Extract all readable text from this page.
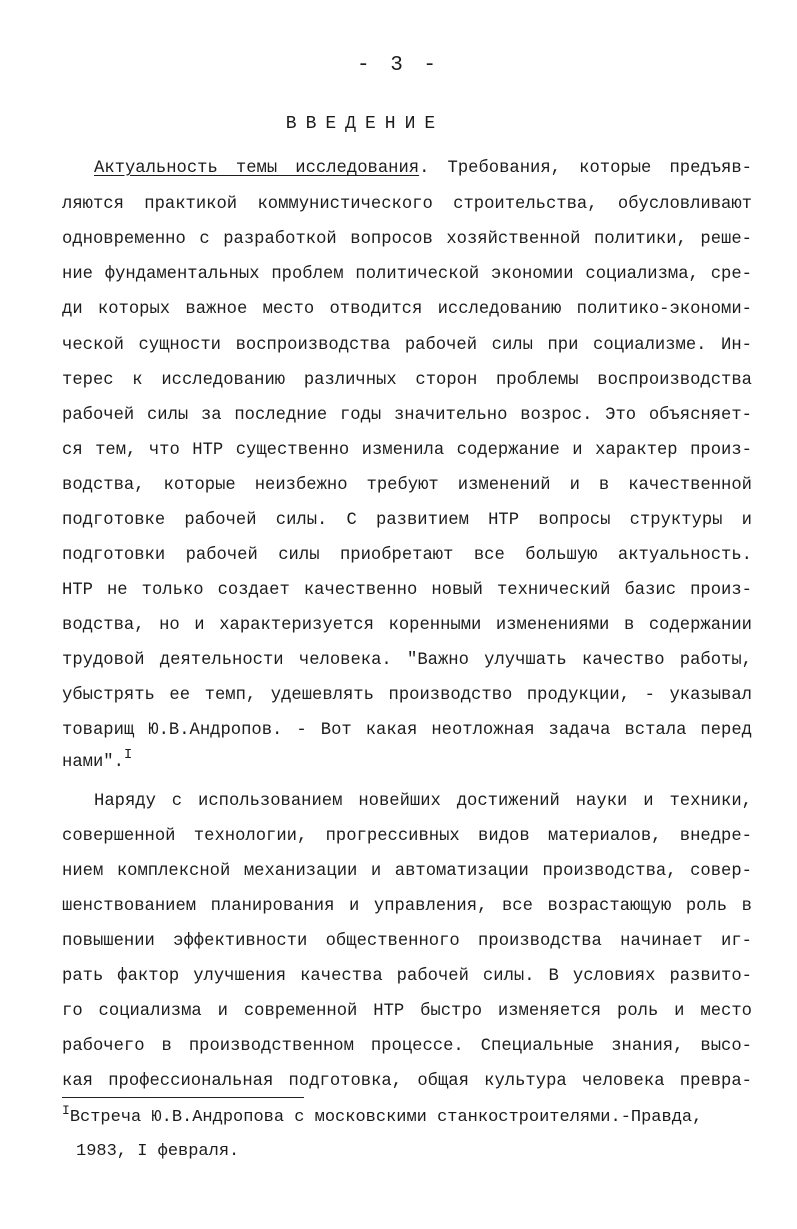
- 3 -
ВВЕДЕНИЕ
Актуальность темы исследования. Требования, которые предъяв-
ляются практикой коммунистического строительства, обусловливают
одновременно с разработкой вопросов хозяйственной политики, реше-
ние фундаментальных проблем политической экономии социализма, сре-
ди которых важное место отводится исследованию политико-экономи-
ческой сущности воспроизводства рабочей силы при социализме. Ин-
терес к исследованию различных сторон проблемы воспроизводства
рабочей силы за последние годы значительно возрос. Это объясняет-
ся тем, что НТР существенно изменила содержание и характер произ-
водства, которые неизбежно требуют изменений и в качественной
подготовке рабочей силы. С развитием НТР вопросы структуры и
подготовки рабочей силы приобретают все большую актуальность.
НТР не только создает качественно новый технический базис произ-
водства, но и характеризуется коренными изменениями в содержании
трудовой деятельности человека. "Важно улучшать качество работы,
убыстрять ее темп, удешевлять производство продукции, - указывал
товарищ Ю.В.Андропов. - Вот какая неотложная задача встала перед
нами".$^I$
Наряду с использованием новейших достижений науки и техники,
совершенной технологии, прогрессивных видов материалов, внедре-
нием комплексной механизации и автоматизации производства, совер-
шенствованием планирования и управления, все возрастающую роль в
повышении эффективности общественного производства начинает иг-
рать фактор улучшения качества рабочей силы. В условиях развито-
го социализма и современной НТР быстро изменяется роль и место
рабочего в производственном процессе. Специальные знания, высо-
кая профессиональная подготовка, общая культура человека превра-
$^I$Встреча Ю.В.Андропова с московскими станкостроителями.-Правда,
1983, I февраля.
